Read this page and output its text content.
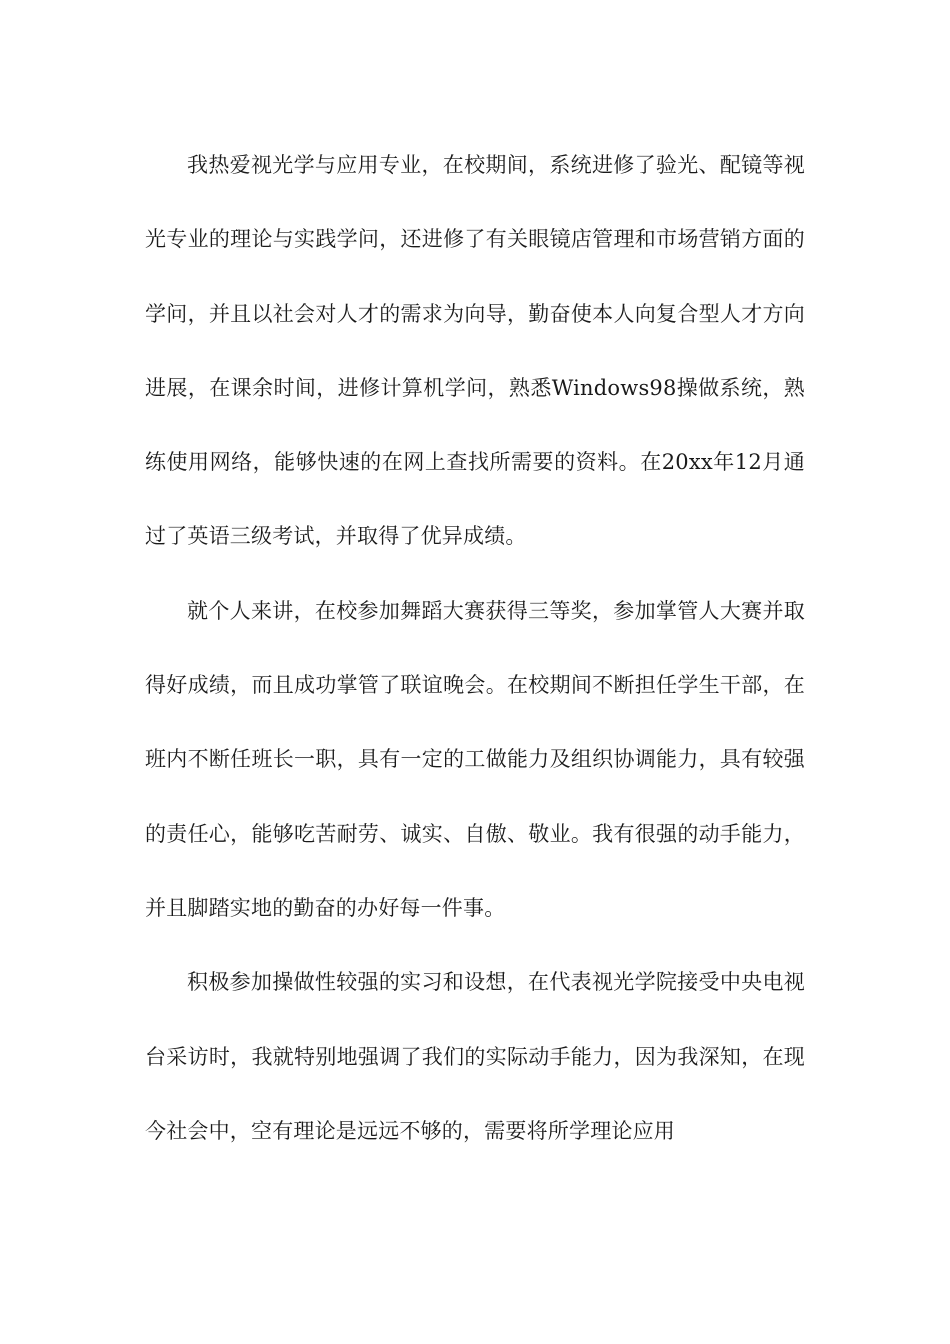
我热爱视光学与应用专业，在校期间，系统进修了验光、配镜等视光专业的理论与实践学问，还进修了有关眼镜店管理和市场营销方面的学问，并且以社会对人才的需求为向导，勤奋使本人向复合型人才方向进展，在课余时间，进修计算机学问，熟悉Windows98操做系统，熟练使用网络，能够快速的在网上查找所需要的资料。在20xx年12月通过了英语三级考试，并取得了优异成绩。

就个人来讲，在校参加舞蹈大赛获得三等奖，参加掌管人大赛并取得好成绩，而且成功掌管了联谊晚会。在校期间不断担任学生干部，在班内不断任班长一职，具有一定的工做能力及组织协调能力，具有较强的责任心，能够吃苦耐劳、诚实、自傲、敬业。我有很强的动手能力，并且脚踏实地的勤奋的办好每一件事。

积极参加操做性较强的实习和设想，在代表视光学院接受中央电视台采访时，我就特别地强调了我们的实际动手能力，因为我深知，在现今社会中，空有理论是远远不够的，需要将所学理论应用
